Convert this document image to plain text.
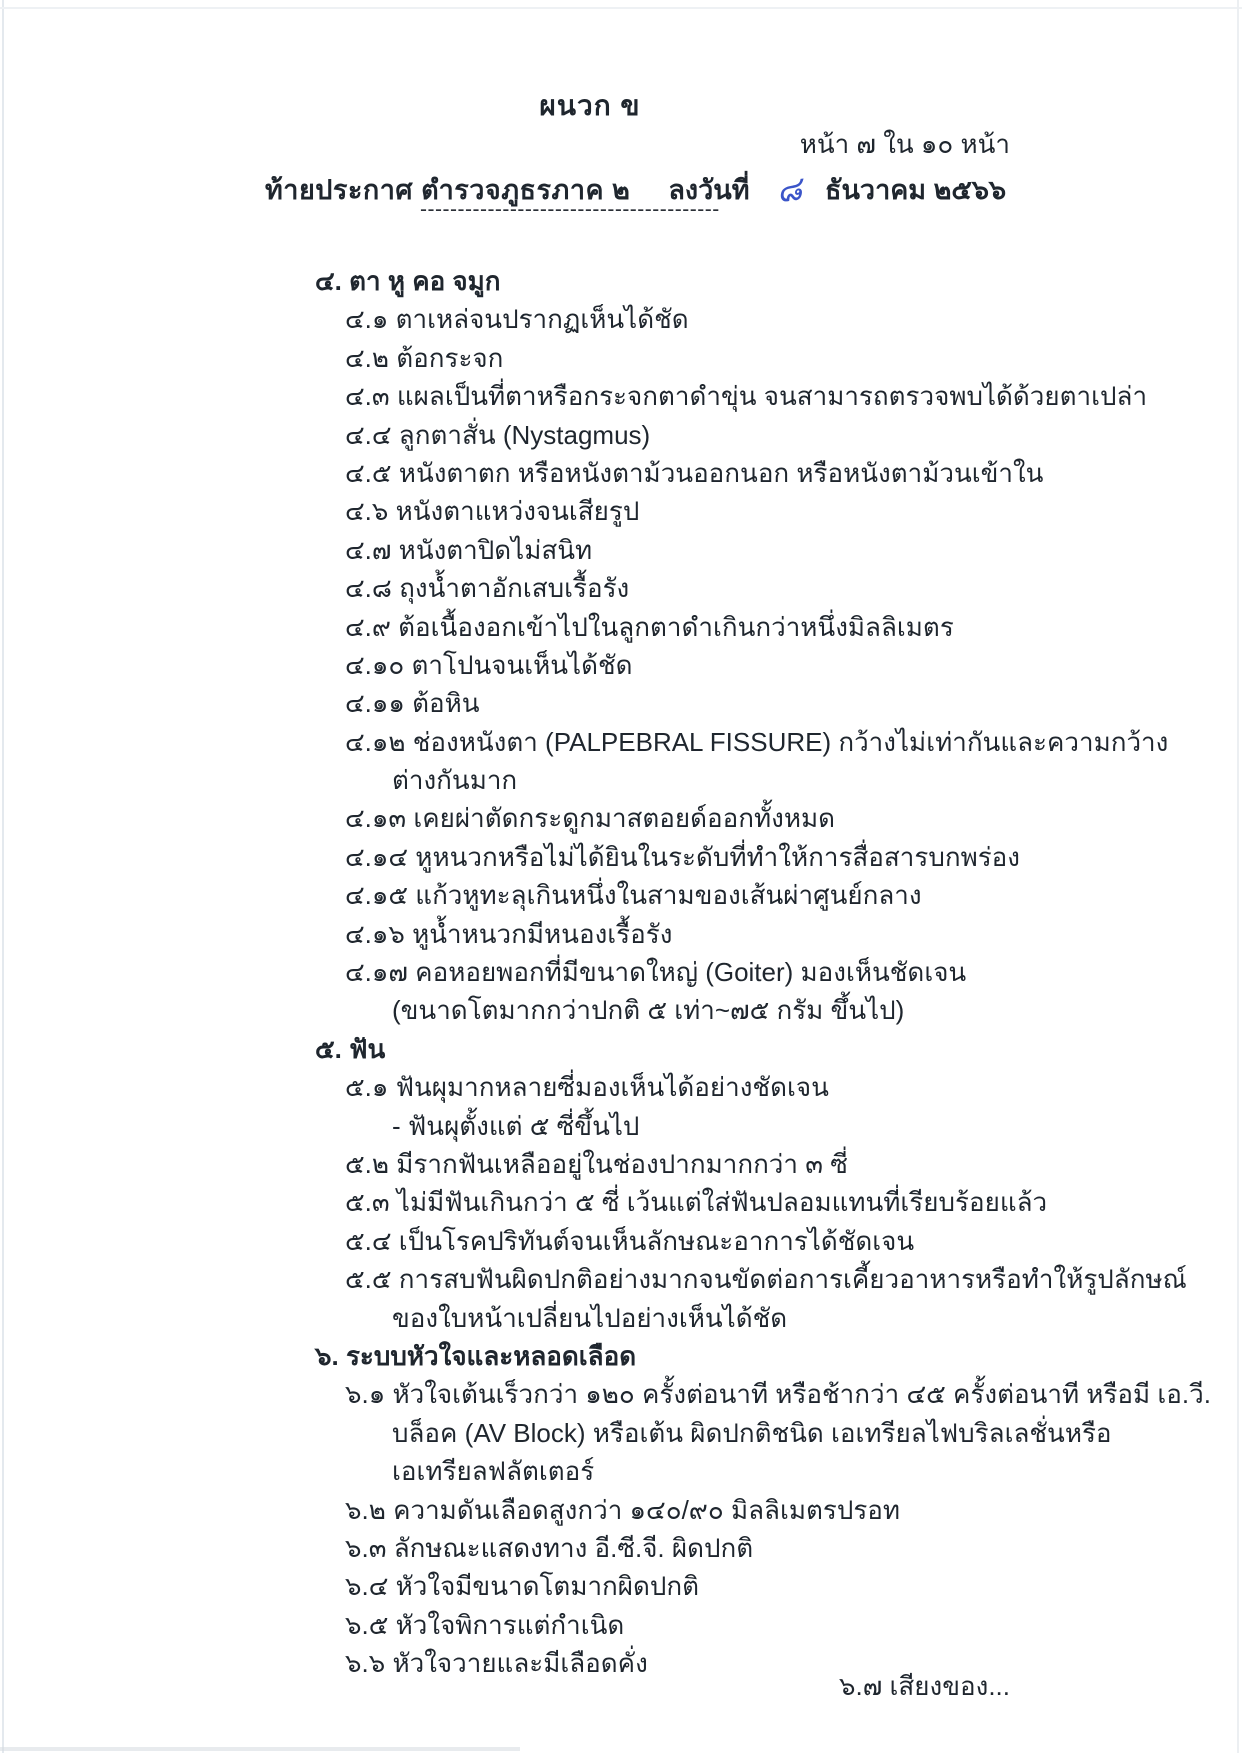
ผนวก ข
หน้า ๗ ใน ๑๐ หน้า
ท้ายประกาศ ตำรวจภูธรภาค ๒ ลงวันที่ ๘ ธันวาคม ๒๕๖๖
----------------------------------------
๔. ตา หู คอ จมูก
๔.๑ ตาเหล่จนปรากฏเห็นได้ชัด
๔.๒ ต้อกระจก
๔.๓ แผลเป็นที่ตาหรือกระจกตาดำขุ่น จนสามารถตรวจพบได้ด้วยตาเปล่า
๔.๔ ลูกตาสั่น (Nystagmus)
๔.๕ หนังตาตก หรือหนังตาม้วนออกนอก หรือหนังตาม้วนเข้าใน
๔.๖ หนังตาแหว่งจนเสียรูป
๔.๗ หนังตาปิดไม่สนิท
๔.๘ ถุงน้ำตาอักเสบเรื้อรัง
๔.๙ ต้อเนื้องอกเข้าไปในลูกตาดำเกินกว่าหนึ่งมิลลิเมตร
๔.๑๐ ตาโปนจนเห็นได้ชัด
๔.๑๑ ต้อหิน
๔.๑๒ ช่องหนังตา (PALPEBRAL FISSURE) กว้างไม่เท่ากันและความกว้าง
ต่างกันมาก
๔.๑๓ เคยผ่าตัดกระดูกมาสตอยด์ออกทั้งหมด
๔.๑๔ หูหนวกหรือไม่ได้ยินในระดับที่ทำให้การสื่อสารบกพร่อง
๔.๑๕ แก้วหูทะลุเกินหนึ่งในสามของเส้นผ่าศูนย์กลาง
๔.๑๖ หูน้ำหนวกมีหนองเรื้อรัง
๔.๑๗ คอหอยพอกที่มีขนาดใหญ่ (Goiter) มองเห็นชัดเจน
(ขนาดโตมากกว่าปกติ ๕ เท่า~๗๕ กรัม ขึ้นไป)
๕. ฟัน
๕.๑ ฟันผุมากหลายซี่มองเห็นได้อย่างชัดเจน
- ฟันผุตั้งแต่ ๕ ซี่ขึ้นไป
๕.๒ มีรากฟันเหลืออยู่ในช่องปากมากกว่า ๓ ซี่
๕.๓ ไม่มีฟันเกินกว่า ๕ ซี่ เว้นแต่ใส่ฟันปลอมแทนที่เรียบร้อยแล้ว
๕.๔ เป็นโรคปริทันต์จนเห็นลักษณะอาการได้ชัดเจน
๕.๕ การสบฟันผิดปกติอย่างมากจนขัดต่อการเคี้ยวอาหารหรือทำให้รูปลักษณ์
ของใบหน้าเปลี่ยนไปอย่างเห็นได้ชัด
๖. ระบบหัวใจและหลอดเลือด
๖.๑ หัวใจเต้นเร็วกว่า ๑๒๐ ครั้งต่อนาที หรือช้ากว่า ๔๕ ครั้งต่อนาที หรือมี เอ.วี.
บล็อค (AV Block) หรือเต้น ผิดปกติชนิด เอเทรียลไฟบริลเลชั่นหรือ
เอเทรียลฟลัตเตอร์
๖.๒ ความดันเลือดสูงกว่า ๑๔๐/๙๐ มิลลิเมตรปรอท
๖.๓ ลักษณะแสดงทาง อี.ซี.จี. ผิดปกติ
๖.๔ หัวใจมีขนาดโตมากผิดปกติ
๖.๕ หัวใจพิการแต่กำเนิด
๖.๖ หัวใจวายและมีเลือดคั่ง
๖.๗ เสียงของ...
